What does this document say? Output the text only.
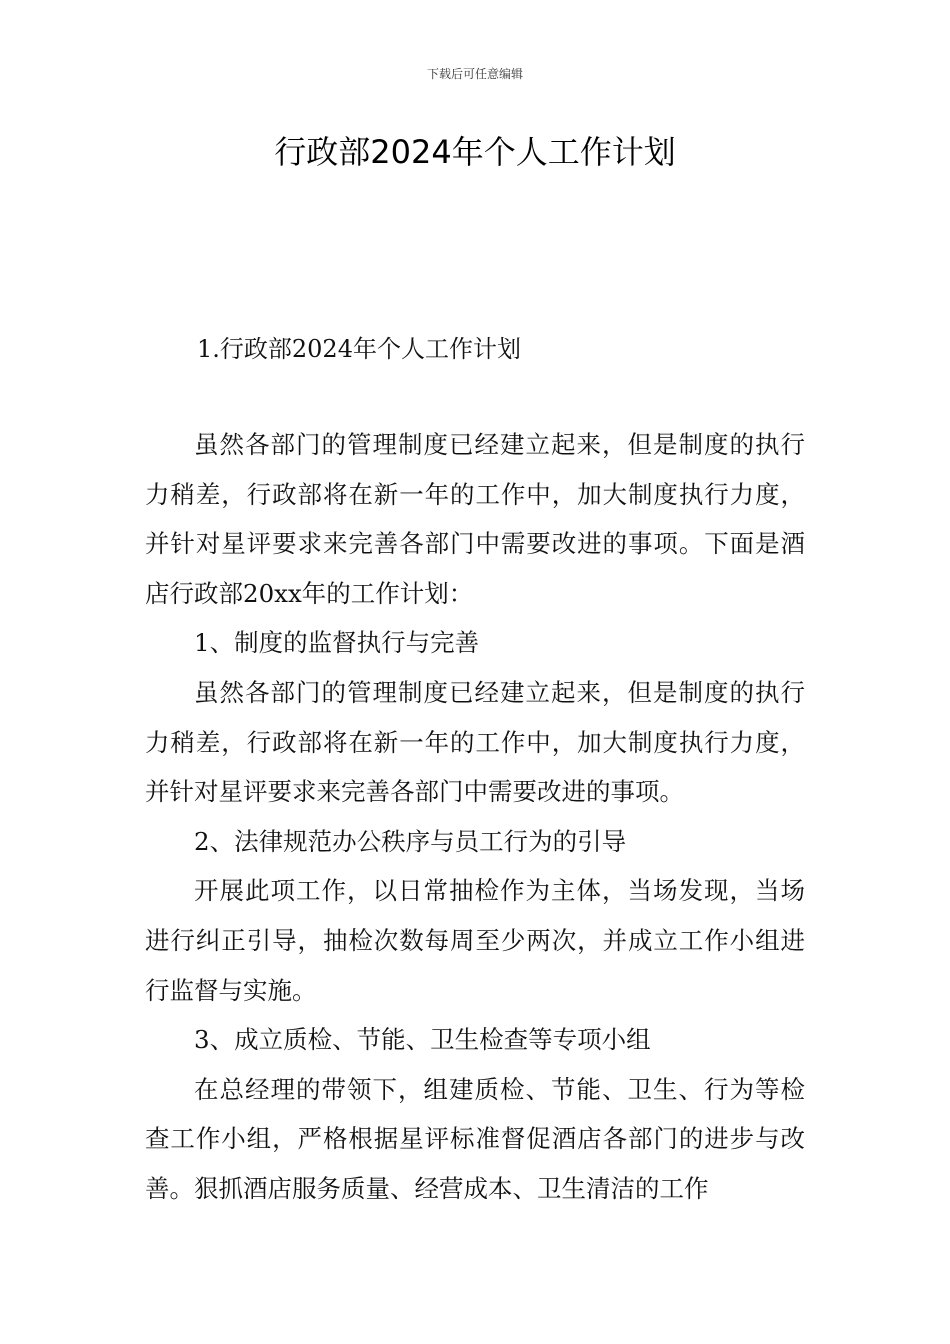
下载后可任意编辑
行政部2024年个人工作计划
1.行政部2024年个人工作计划

虽然各部门的管理制度已经建立起来，但是制度的执行力稍差，行政部将在新一年的工作中，加大制度执行力度，并针对星评要求来完善各部门中需要改进的事项。下面是酒店行政部20xx年的工作计划：

1、制度的监督执行与完善

虽然各部门的管理制度已经建立起来，但是制度的执行力稍差，行政部将在新一年的工作中，加大制度执行力度，并针对星评要求来完善各部门中需要改进的事项。

2、法律规范办公秩序与员工行为的引导

开展此项工作，以日常抽检作为主体，当场发现，当场进行纠正引导，抽检次数每周至少两次，并成立工作小组进行监督与实施。

3、成立质检、节能、卫生检查等专项小组

在总经理的带领下，组建质检、节能、卫生、行为等检查工作小组，严格根据星评标准督促酒店各部门的进步与改善。狠抓酒店服务质量、经营成本、卫生清洁的工作
